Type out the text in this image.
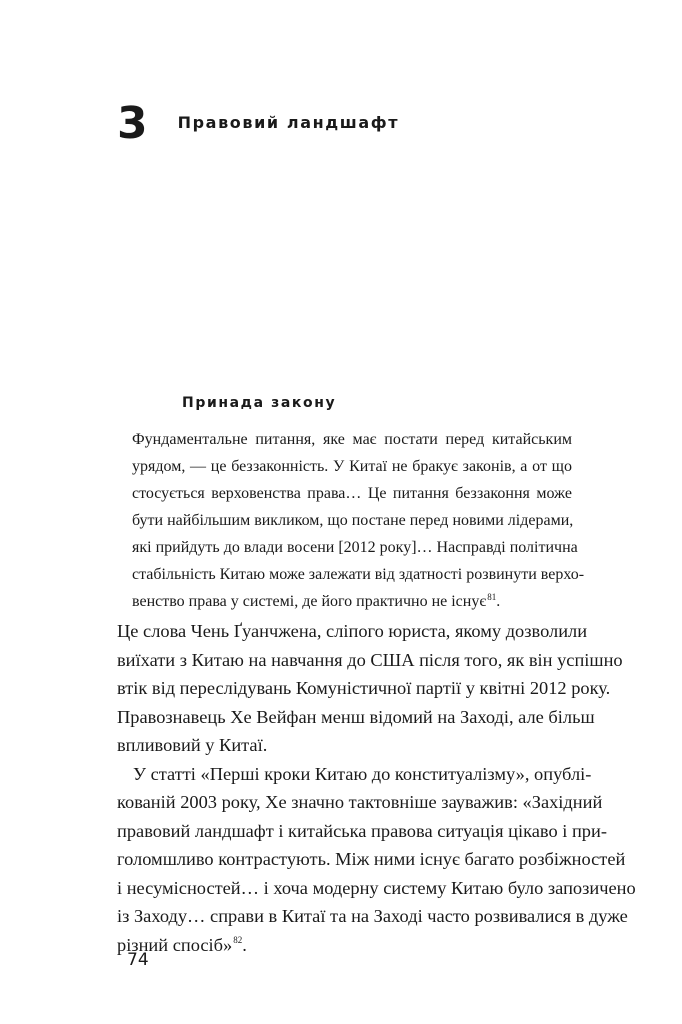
3 Правовий ландшафт
Принада закону
Фундаментальне питання, яке має постати перед китайським
урядом, — це беззаконність. У Китаї не бракує законів, а от що
стосується верховенства права… Це питання беззаконня може
бути найбільшим викликом, що постане перед новими лідерами,
які прийдуть до влади восени [2012 року]… Насправді політична
стабільність Китаю може залежати від здатності розвинути верхо-
венство права у системі, де його практично не існує$^{81}$.
Це слова Чень Ґуанчжена, сліпого юриста, якому дозволили
виїхати з Китаю на навчання до США після того, як він успішно
втік від переслідувань Комуністичної партії у квітні 2012 року.
Правознавець Хе Вейфан менш відомий на Заході, але більш
впливовий у Китаї.
У статті «Перші кроки Китаю до конституалізму», опублі-
кованій 2003 року, Хе значно тактовніше зауважив: «Західний
правовий ландшафт і китайська правова ситуація цікаво і при-
голомшливо контрастують. Між ними існує багато розбіжностей
і несумісностей… і хоча модерну систему Китаю було запозичено
із Заходу… справи в Китаї та на Заході часто розвивалися в дуже
різний спосіб»$^{82}$.
74
